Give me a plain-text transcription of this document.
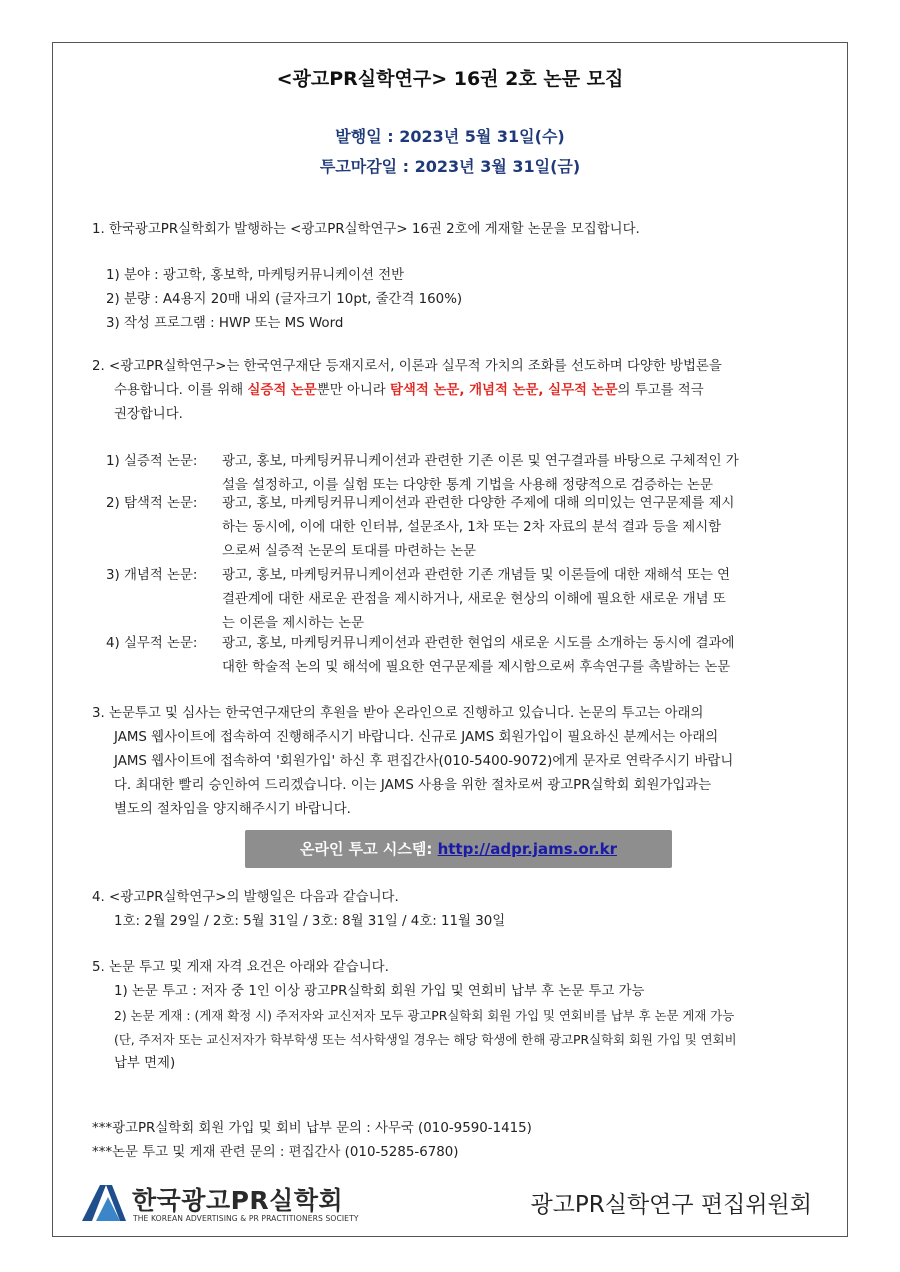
<광고PR실학연구> 16권 2호 논문 모집
발행일 : 2023년 5월 31일(수)
투고마감일 : 2023년 3월 31일(금)
1. 한국광고PR실학회가 발행하는 <광고PR실학연구> 16권 2호에 게재할 논문을 모집합니다.
1) 분야 : 광고학, 홍보학, 마케팅커뮤니케이션 전반
2) 분량 : A4용지 20매 내외 (글자크기 10pt, 줄간격 160%)
3) 작성 프로그램 : HWP 또는 MS Word
2. <광고PR실학연구>는 한국연구재단 등재지로서, 이론과 실무적 가치의 조화를 선도하며 다양한 방법론을
수용합니다. 이를 위해 실증적 논문뿐만 아니라 탐색적 논문, 개념적 논문, 실무적 논문의 투고를 적극
권장합니다.
1) 실증적 논문: 광고, 홍보, 마케팅커뮤니케이션과 관련한 기존 이론 및 연구결과를 바탕으로 구체적인 가
설을 설정하고, 이를 실험 또는 다양한 통계 기법을 사용해 정량적으로 검증하는 논문
2) 탐색적 논문: 광고, 홍보, 마케팅커뮤니케이션과 관련한 다양한 주제에 대해 의미있는 연구문제를 제시
하는 동시에, 이에 대한 인터뷰, 설문조사, 1차 또는 2차 자료의 분석 결과 등을 제시함
으로써 실증적 논문의 토대를 마련하는 논문
3) 개념적 논문: 광고, 홍보, 마케팅커뮤니케이션과 관련한 기존 개념들 및 이론들에 대한 재해석 또는 연
결관계에 대한 새로운 관점을 제시하거나, 새로운 현상의 이해에 필요한 새로운 개념 또
는 이론을 제시하는 논문
4) 실무적 논문: 광고, 홍보, 마케팅커뮤니케이션과 관련한 현업의 새로운 시도를 소개하는 동시에 결과에
대한 학술적 논의 및 해석에 필요한 연구문제를 제시함으로써 후속연구를 촉발하는 논문
3. 논문투고 및 심사는 한국연구재단의 후원을 받아 온라인으로 진행하고 있습니다. 논문의 투고는 아래의
JAMS 웹사이트에 접속하여 진행해주시기 바랍니다. 신규로 JAMS 회원가입이 필요하신 분께서는 아래의
JAMS 웹사이트에 접속하여 '회원가입' 하신 후 편집간사(010-5400-9072)에게 문자로 연락주시기 바랍니
다. 최대한 빨리 승인하여 드리겠습니다. 이는 JAMS 사용을 위한 절차로써 광고PR실학회 회원가입과는
별도의 절차임을 양지해주시기 바랍니다.
온라인 투고 시스템: http://adpr.jams.or.kr
4. <광고PR실학연구>의 발행일은 다음과 같습니다.
1호: 2월 29일 / 2호: 5월 31일 / 3호: 8월 31일 / 4호: 11월 30일
5. 논문 투고 및 게재 자격 요건은 아래와 같습니다.
1) 논문 투고 : 저자 중 1인 이상 광고PR실학회 회원 가입 및 연회비 납부 후 논문 투고 가능
2) 논문 게재 : (게재 확정 시) 주저자와 교신저자 모두 광고PR실학회 회원 가입 및 연회비를 납부 후 논문 게재 가능
(단, 주저자 또는 교신저자가 학부학생 또는 석사학생일 경우는 해당 학생에 한해 광고PR실학회 회원 가입 및 연회비
납부 면제)
***광고PR실학회 회원 가입 및 회비 납부 문의 : 사무국 (010-9590-1415)
***논문 투고 및 게재 관련 문의 : 편집간사 (010-5285-6780)
한국광고PR실학회
THE KOREAN ADVERTISING & PR PRACTITIONERS SOCIETY
광고PR실학연구 편집위원회
